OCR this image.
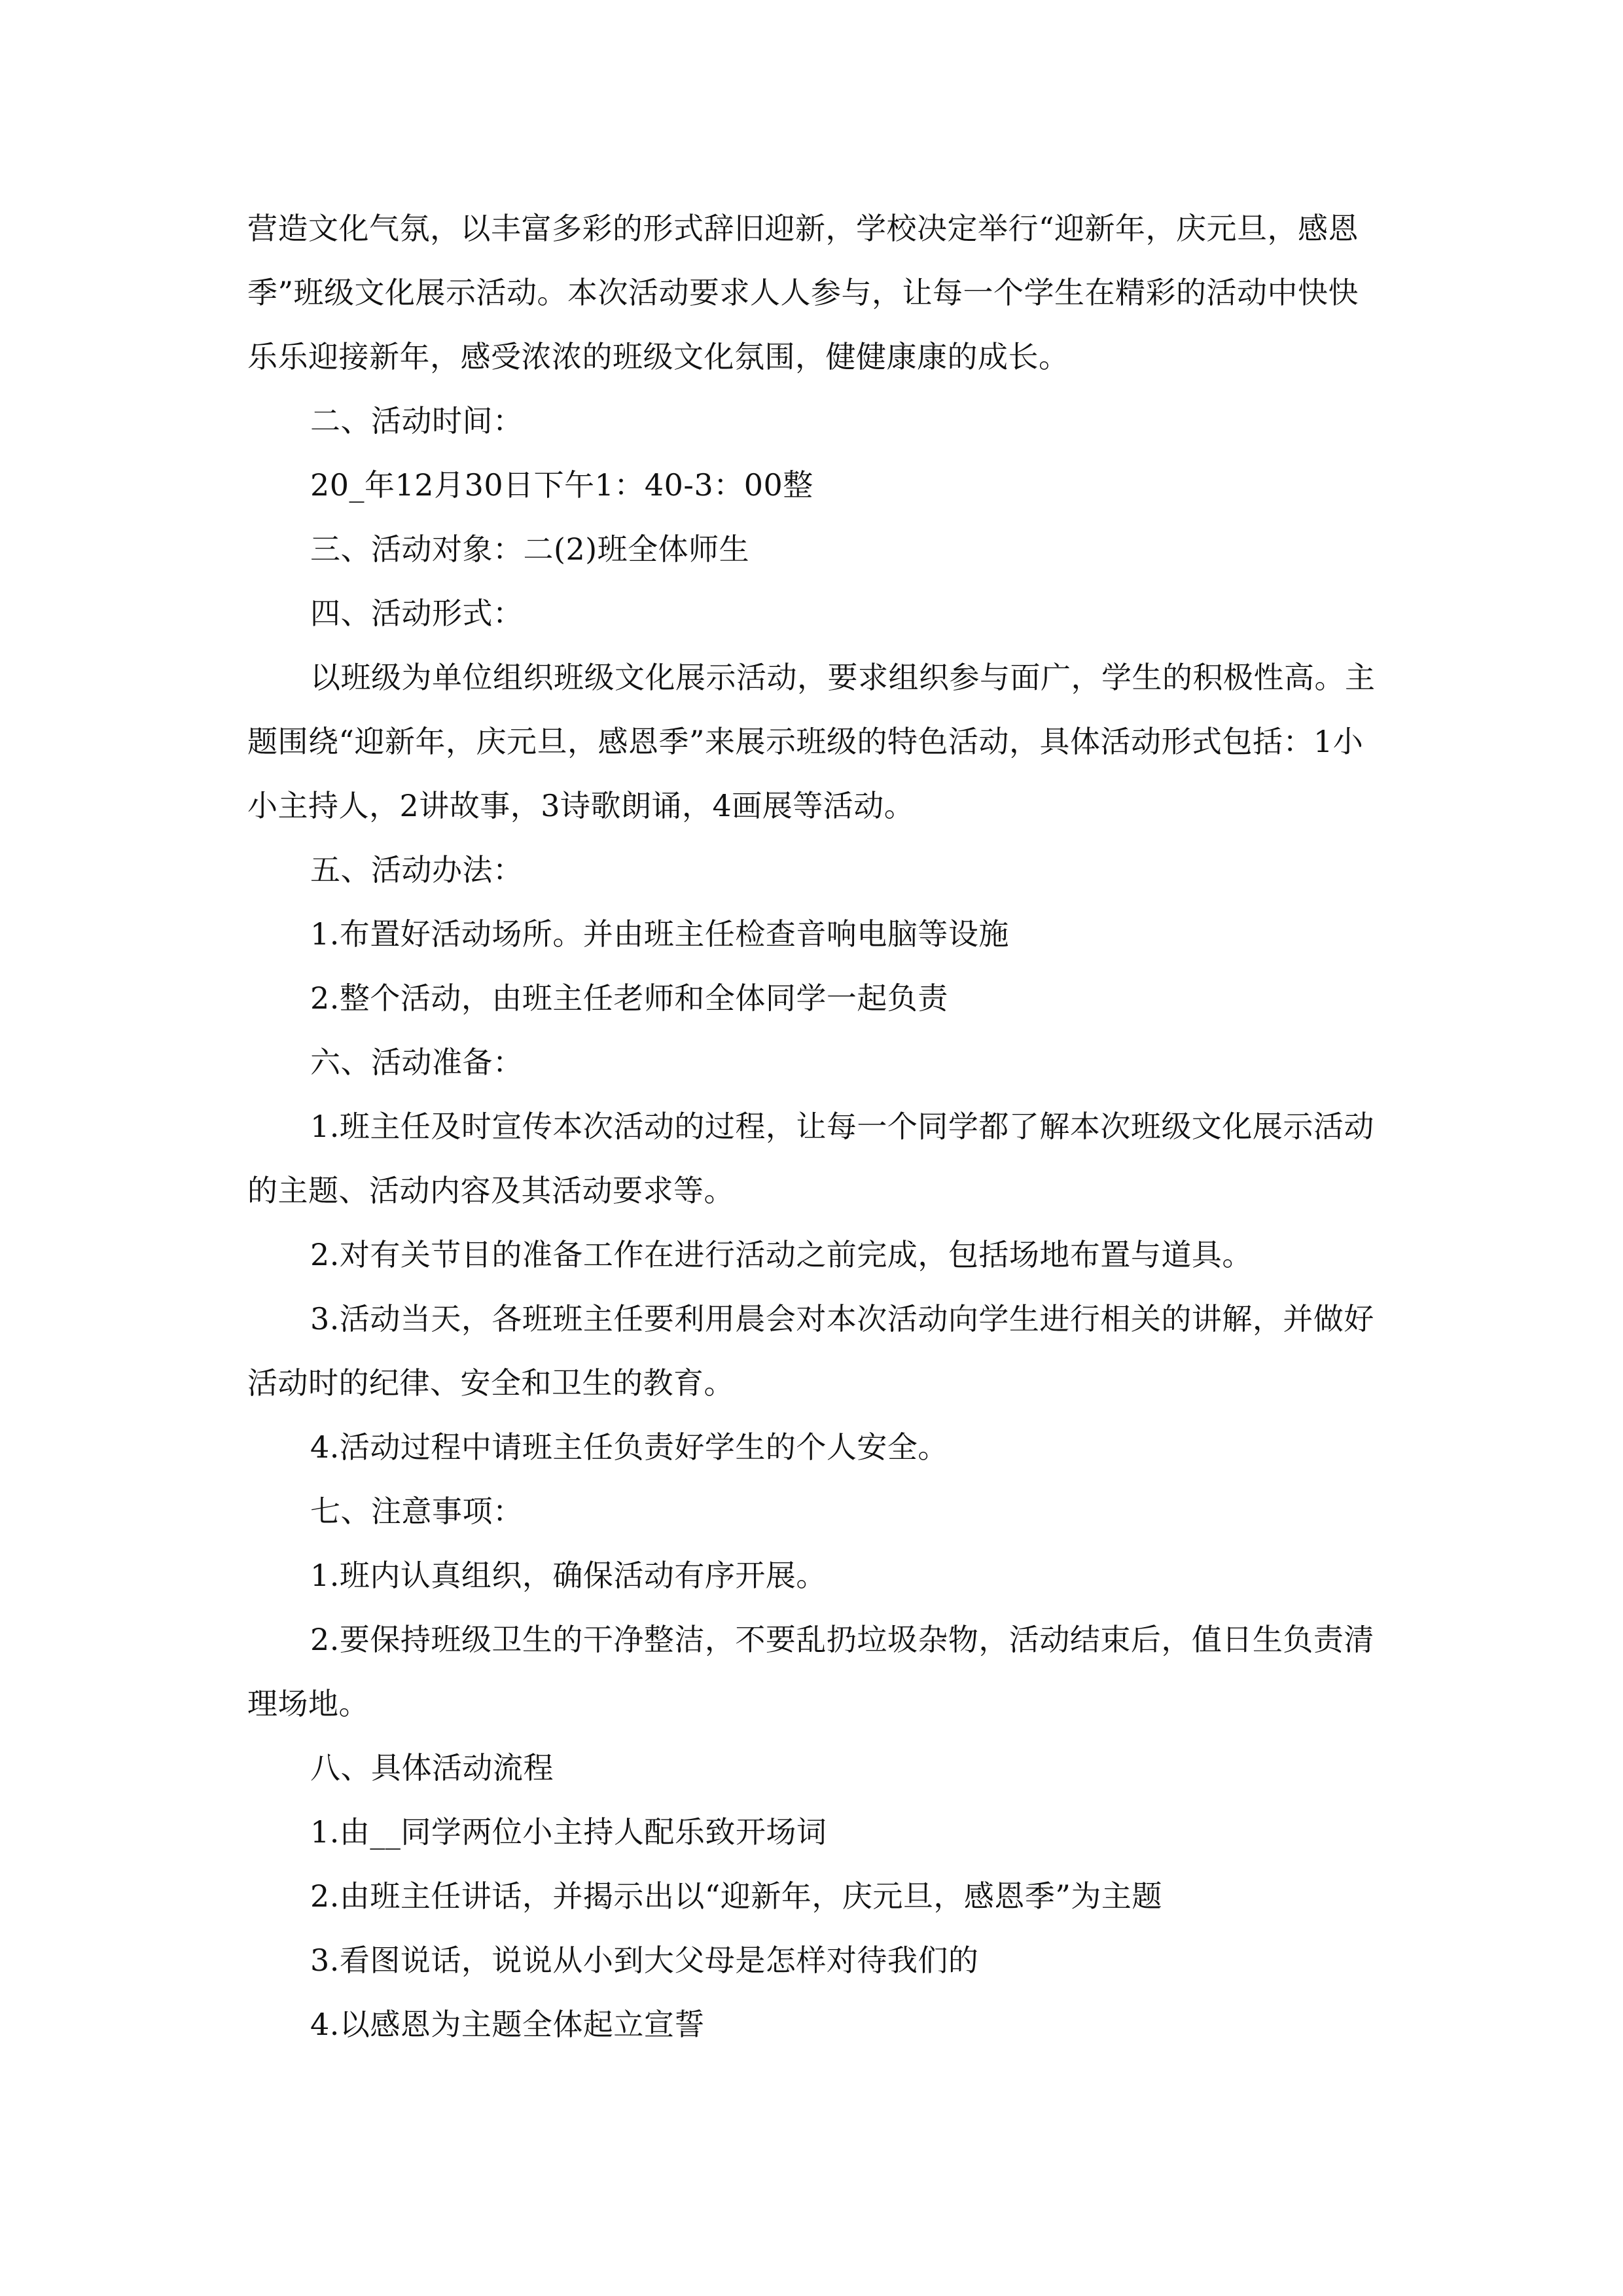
营造文化气氛，以丰富多彩的形式辞旧迎新，学校决定举行“迎新年，庆元旦，感恩季”班级文化展示活动。本次活动要求人人参与，让每一个学生在精彩的活动中快快乐乐迎接新年，感受浓浓的班级文化氛围，健健康康的成长。

二、活动时间：

20_年12月30日下午1：40-3：00整

三、活动对象：二(2)班全体师生

四、活动形式：

以班级为单位组织班级文化展示活动，要求组织参与面广，学生的积极性高。主题围绕“迎新年，庆元旦，感恩季”来展示班级的特色活动，具体活动形式包括：1小小主持人，2讲故事，3诗歌朗诵，4画展等活动。

五、活动办法：

1.布置好活动场所。并由班主任检查音响电脑等设施

2.整个活动，由班主任老师和全体同学一起负责

六、活动准备：

1.班主任及时宣传本次活动的过程，让每一个同学都了解本次班级文化展示活动的主题、活动内容及其活动要求等。

2.对有关节目的准备工作在进行活动之前完成，包括场地布置与道具。

3.活动当天，各班班主任要利用晨会对本次活动向学生进行相关的讲解，并做好活动时的纪律、安全和卫生的教育。

4.活动过程中请班主任负责好学生的个人安全。

七、注意事项：

1.班内认真组织，确保活动有序开展。

2.要保持班级卫生的干净整洁，不要乱扔垃圾杂物，活动结束后，值日生负责清理场地。

八、具体活动流程

1.由__同学两位小主持人配乐致开场词

2.由班主任讲话，并揭示出以“迎新年，庆元旦，感恩季”为主题

3.看图说话，说说从小到大父母是怎样对待我们的

4.以感恩为主题全体起立宣誓
